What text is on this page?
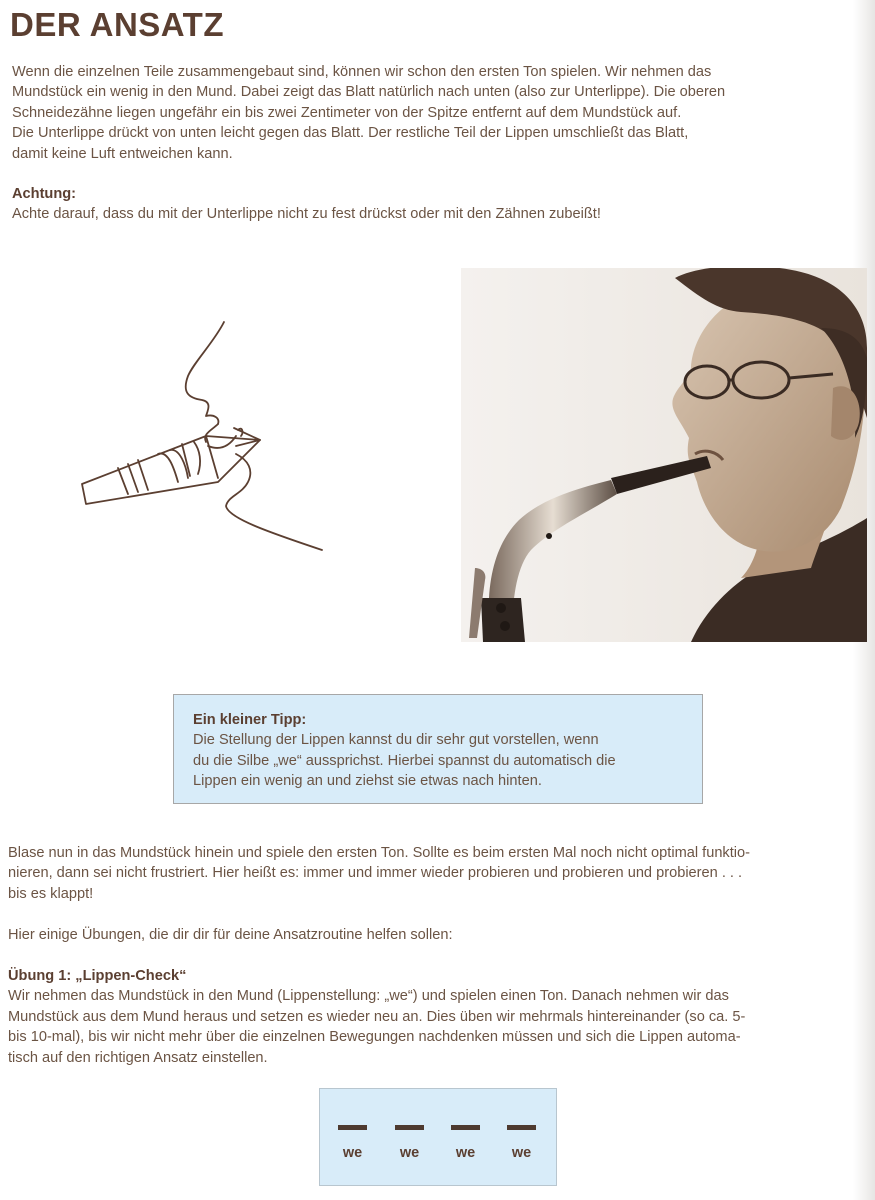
DER ANSATZ

Wenn die einzelnen Teile zusammengebaut sind, können wir schon den ersten Ton spielen. Wir nehmen das

Mundstück ein wenig in den Mund. Dabei zeigt das Blatt natürlich nach unten (also zur Unterlippe). Die oberen

Schneidezähne liegen ungefähr ein bis zwei Zentimeter von der Spitze entfernt auf dem Mundstück auf.

Die Unterlippe drückt von unten leicht gegen das Blatt. Der restliche Teil der Lippen umschließt das Blatt,

damit keine Luft entweichen kann.

Achtung:

Achte darauf, dass du mit der Unterlippe nicht zu fest drückst oder mit den Zähnen zubeißt!

Ein kleiner Tipp:

Die Stellung der Lippen kannst du dir sehr gut vorstellen, wenn

du die Silbe „we“ aussprichst. Hierbei spannst du automatisch die

Lippen ein wenig an und ziehst sie etwas nach hinten.

Blase nun in das Mundstück hinein und spiele den ersten Ton. Sollte es beim ersten Mal noch nicht optimal funktio-

nieren, dann sei nicht frustriert. Hier heißt es: immer und immer wieder probieren und probieren und probieren . . .

bis es klappt!

Hier einige Übungen, die dir dir für deine Ansatzroutine helfen sollen:

Übung 1: „Lippen-Check“

Wir nehmen das Mundstück in den Mund (Lippenstellung: „we“) und spielen einen Ton. Danach nehmen wir das

Mundstück aus dem Mund heraus und setzen es wieder neu an. Dies üben wir mehrmals hintereinander (so ca. 5-

bis 10-mal), bis wir nicht mehr über die einzelnen Bewegungen nachdenken müssen und sich die Lippen automa-

tisch auf den richtigen Ansatz einstellen.

we	we	we	we
